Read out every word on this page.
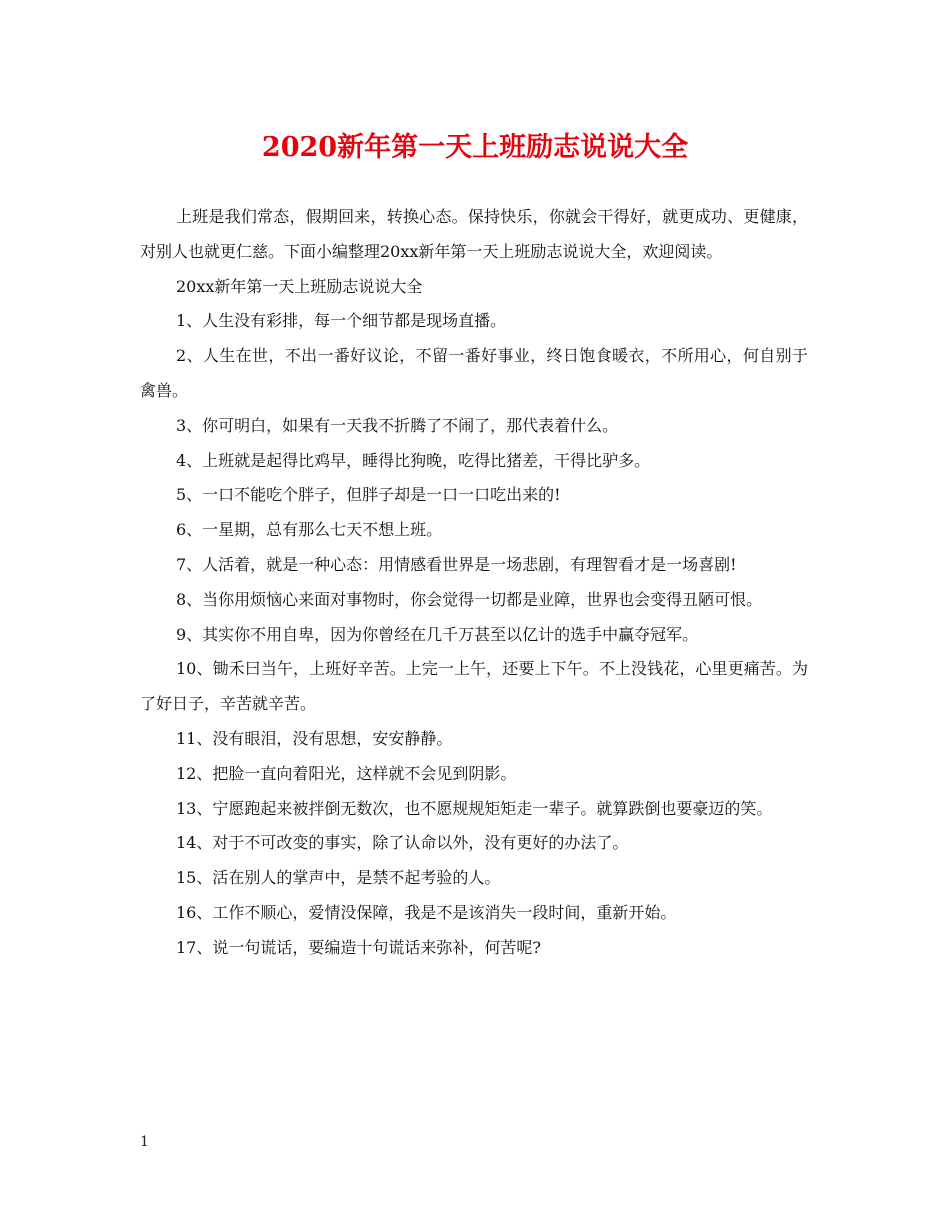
2020新年第一天上班励志说说大全

上班是我们常态，假期回来，转换心态。保持快乐，你就会干得好，就更成功、更健康，对别人也就更仁慈。下面小编整理20xx新年第一天上班励志说说大全，欢迎阅读。

20xx新年第一天上班励志说说大全

1、人生没有彩排，每一个细节都是现场直播。

2、人生在世，不出一番好议论，不留一番好事业，终日饱食暖衣，不所用心，何自别于禽兽。

3、你可明白，如果有一天我不折腾了不闹了，那代表着什么。

4、上班就是起得比鸡早，睡得比狗晚，吃得比猪差，干得比驴多。

5、一口不能吃个胖子，但胖子却是一口一口吃出来的!

6、一星期，总有那么七天不想上班。

7、人活着，就是一种心态：用情感看世界是一场悲剧，有理智看才是一场喜剧!

8、当你用烦恼心来面对事物时，你会觉得一切都是业障，世界也会变得丑陋可恨。

9、其实你不用自卑，因为你曾经在几千万甚至以亿计的选手中赢夺冠军。

10、锄禾曰当午，上班好辛苦。上完一上午，还要上下午。不上没钱花，心里更痛苦。为了好日子，辛苦就辛苦。

11、没有眼泪，没有思想，安安静静。

12、把脸一直向着阳光，这样就不会见到阴影。

13、宁愿跑起来被拌倒无数次，也不愿规规矩矩走一辈子。就算跌倒也要豪迈的笑。

14、对于不可改变的事实，除了认命以外，没有更好的办法了。

15、活在别人的掌声中，是禁不起考验的人。

16、工作不顺心，爱情没保障，我是不是该消失一段时间，重新开始。

17、说一句谎话，要编造十句谎话来弥补，何苦呢?

1
